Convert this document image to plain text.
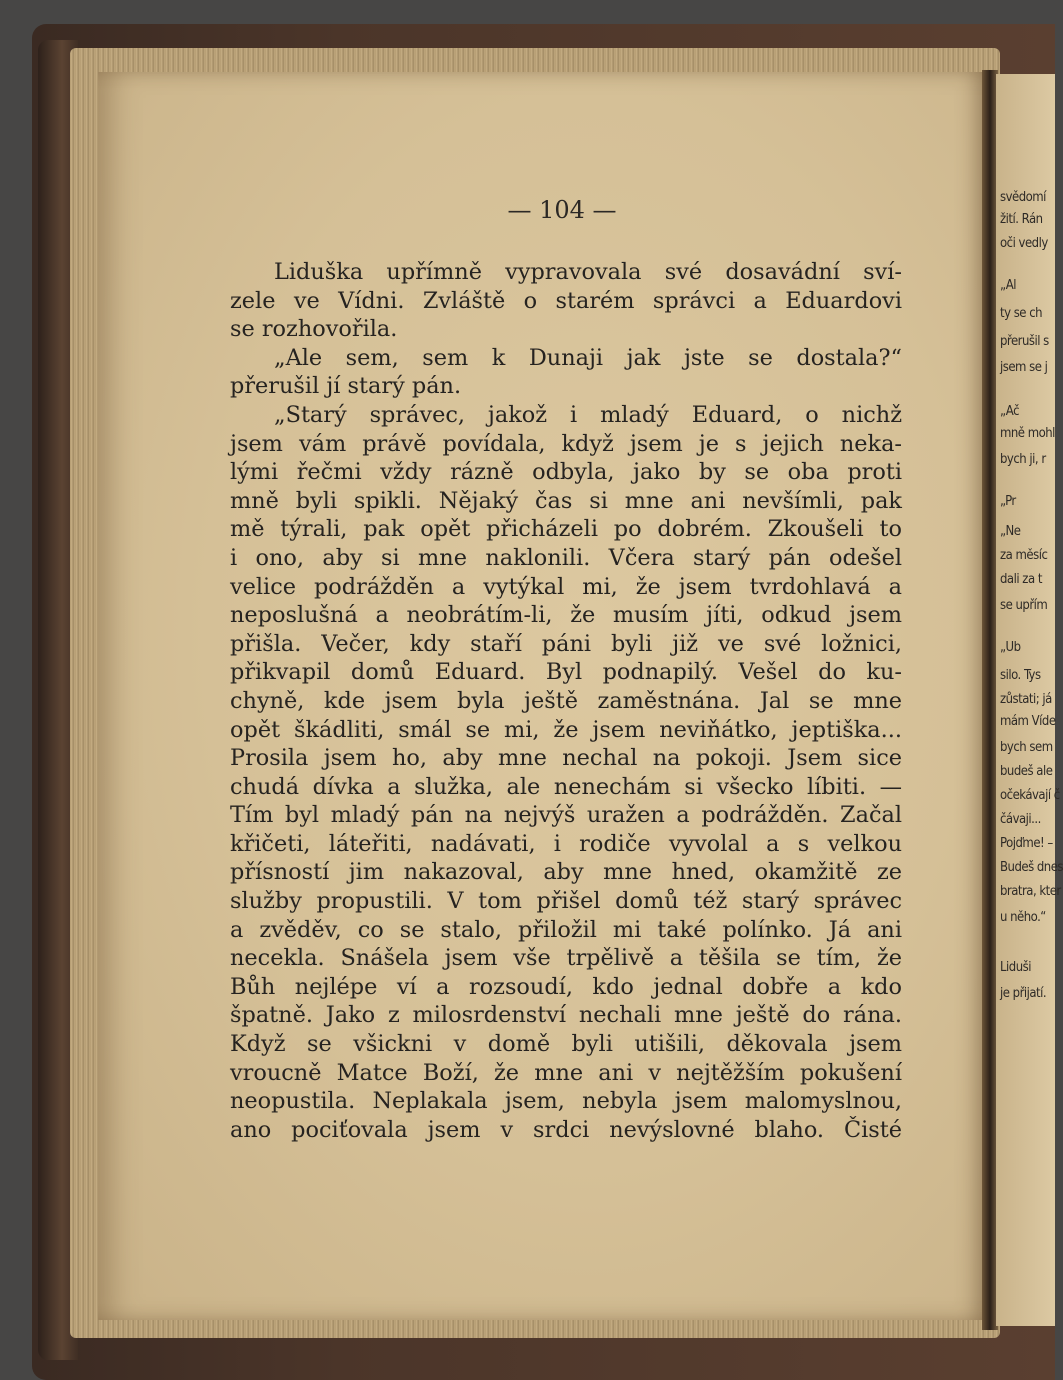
svědomí
žití. Rán
oči vedly
„Al
ty se ch
přerušil s
jsem se j
„Ač
mně mohl
bych ji, r
„Pr
„Ne
za měsíc
dali za t
se upřím
„Ub
silo. Tys
zůstati; já
mám Víde
bych sem
budeš ale
očekávají č
čávaji...
Pojďme! –
Budeš dnes
bratra, kter
u něho.“
Liduši
je přijatí.
— 104 —
Liduška upřímně vypravovala své dosavádní sví-
zele ve Vídni. Zvláště o starém správci a Eduardovi
se rozhovořila.
„Ale sem, sem k Dunaji jak jste se dostala?“
přerušil jí starý pán.
„Starý správec, jakož i mladý Eduard, o nichž
jsem vám právě povídala, když jsem je s jejich neka-
lými řečmi vždy rázně odbyla, jako by se oba proti
mně byli spikli. Nějaký čas si mne ani nevšímli, pak
mě týrali, pak opět přicházeli po dobrém. Zkoušeli to
i ono, aby si mne naklonili. Včera starý pán odešel
velice podrážděn a vytýkal mi, že jsem tvrdohlavá a
neposlušná a neobrátím-li, že musím jíti, odkud jsem
přišla. Večer, kdy staří páni byli již ve své ložnici,
přikvapil domů Eduard. Byl podnapilý. Vešel do ku-
chyně, kde jsem byla ještě zaměstnána. Jal se mne
opět škádliti, smál se mi, že jsem neviňátko, jeptiška...
Prosila jsem ho, aby mne nechal na pokoji. Jsem sice
chudá dívka a služka, ale nenechám si všecko líbiti. —
Tím byl mladý pán na nejvýš uražen a podrážděn. Začal
křičeti, láteřiti, nadávati, i rodiče vyvolal a s velkou
přísností jim nakazoval, aby mne hned, okamžitě ze
služby propustili. V tom přišel domů též starý správec
a zvěděv, co se stalo, přiložil mi také polínko. Já ani
necekla. Snášela jsem vše trpělivě a těšila se tím, že
Bůh nejlépe ví a rozsoudí, kdo jednal dobře a kdo
špatně. Jako z milosrdenství nechali mne ještě do rána.
Když se všickni v domě byli utišili, děkovala jsem
vroucně Matce Boží, že mne ani v nejtěžším pokušení
neopustila. Neplakala jsem, nebyla jsem malomyslnou,
ano pociťovala jsem v srdci nevýslovné blaho. Čisté
